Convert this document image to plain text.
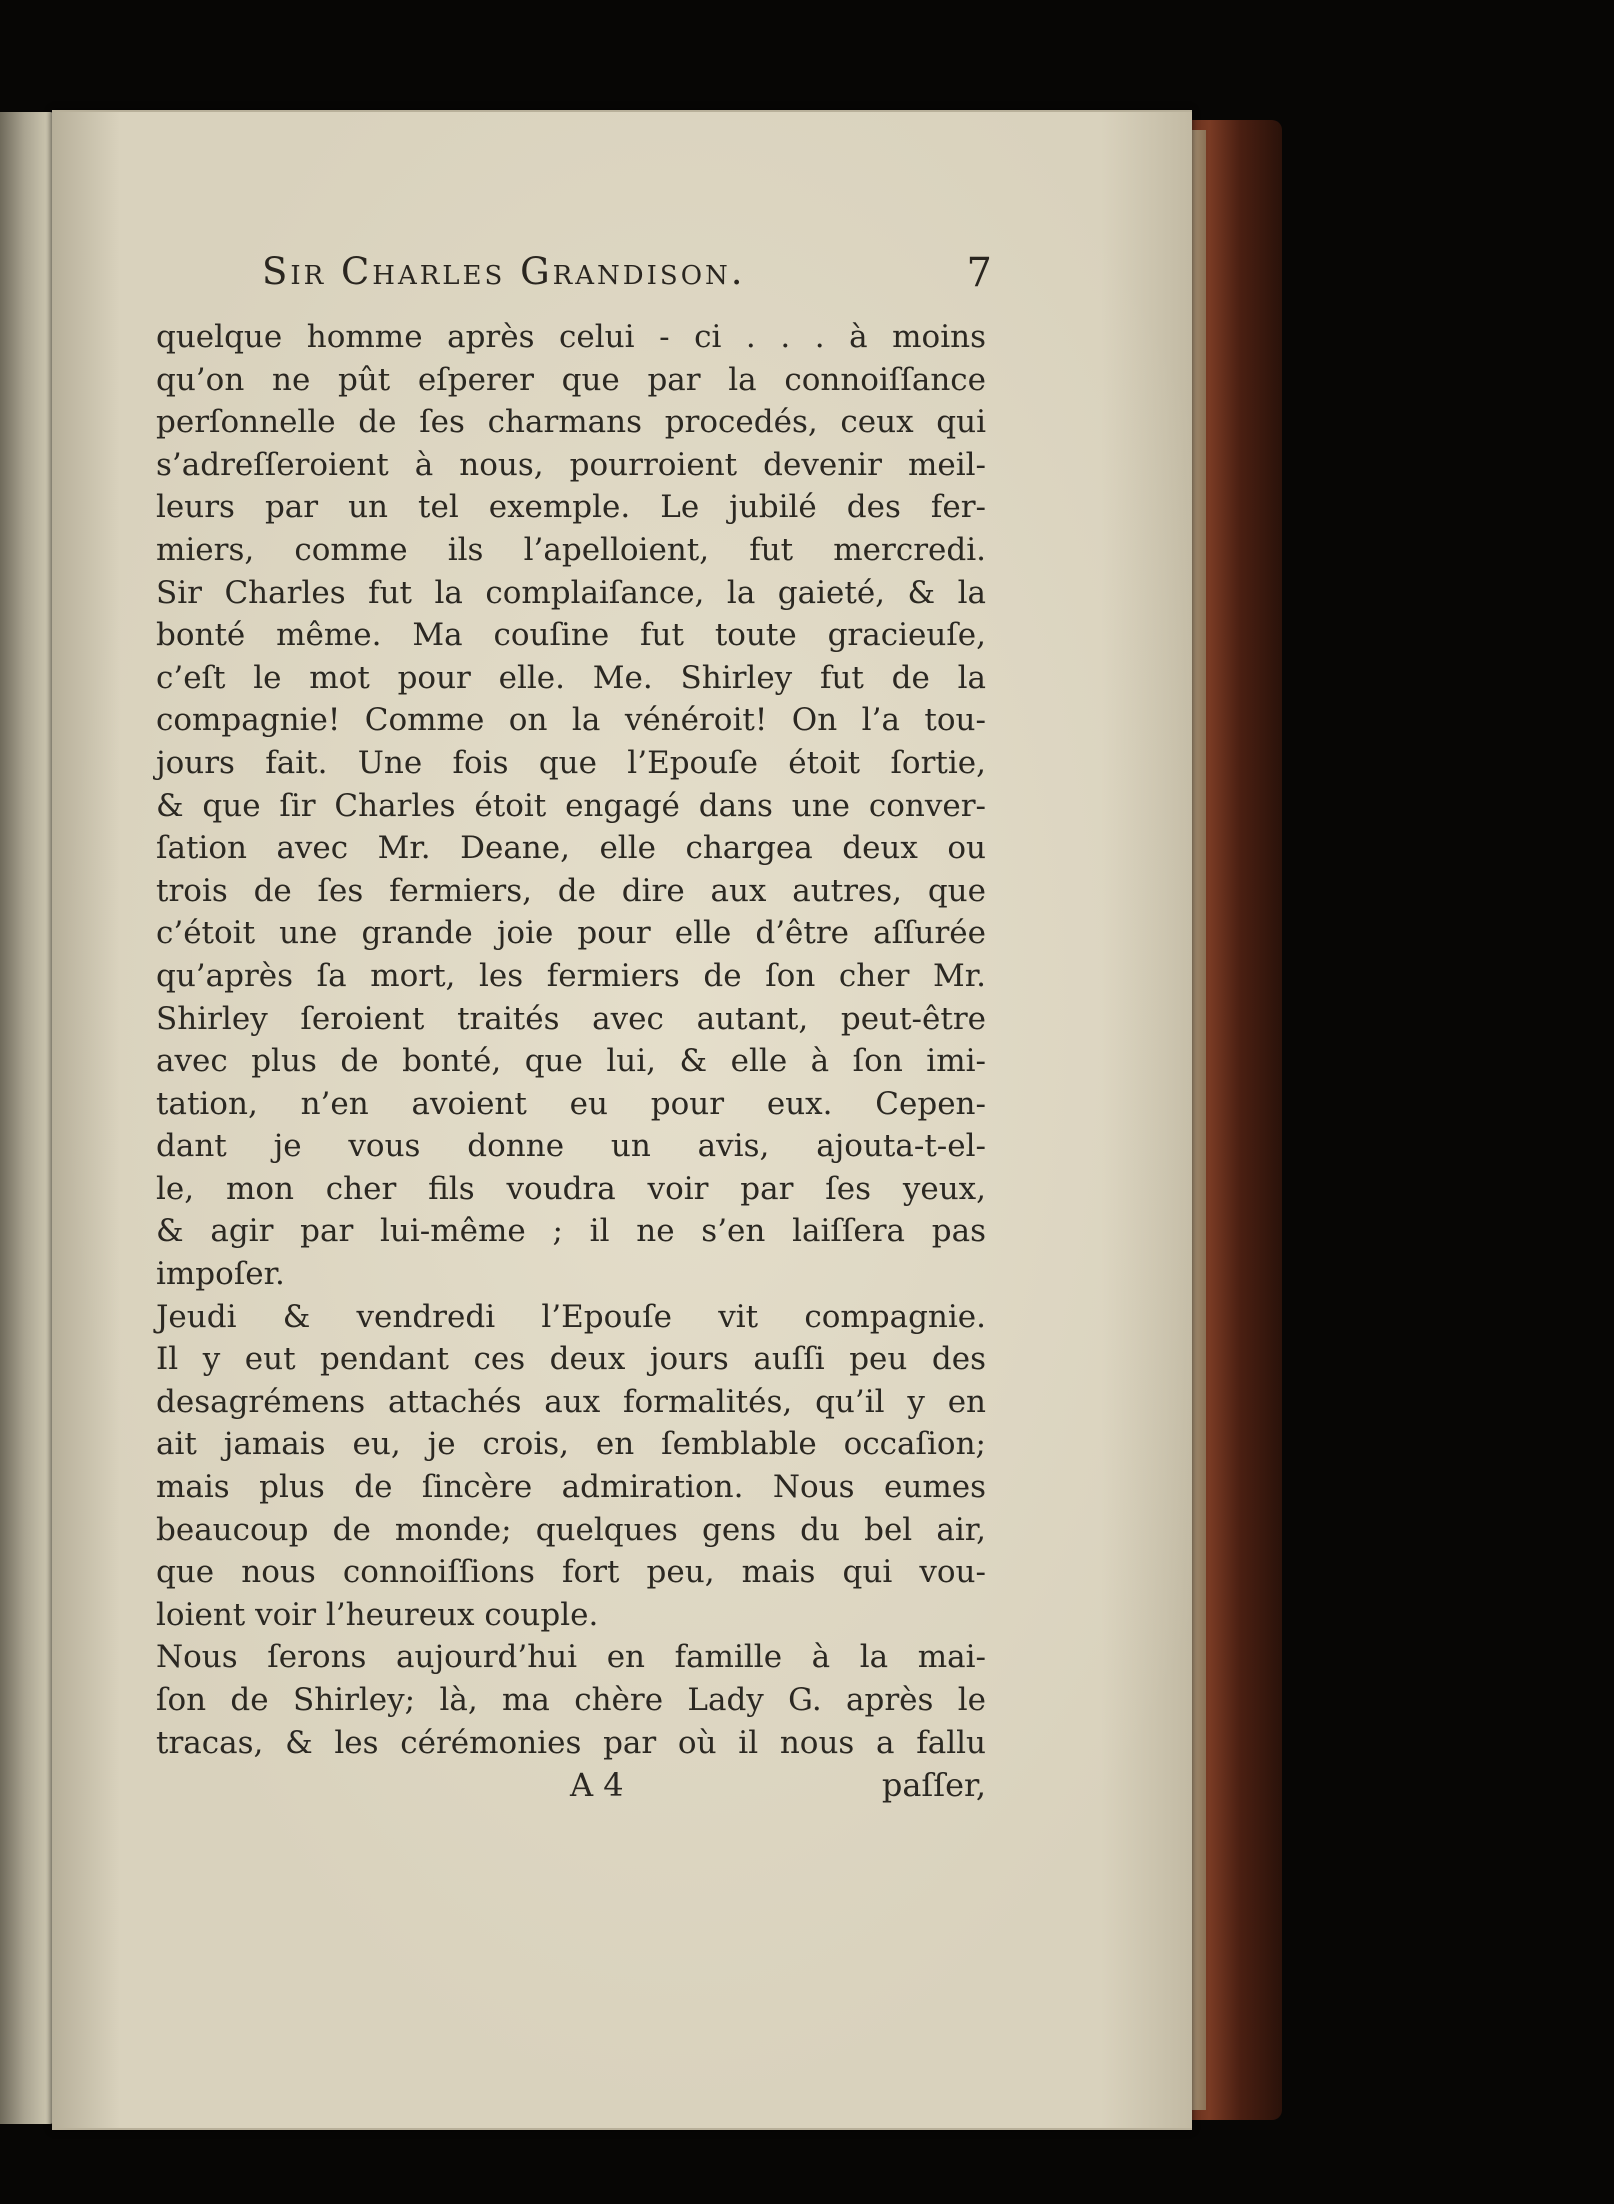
Sir Charles Grandison.	7
quelque homme après celui - ci . . . à moins
qu’on ne pût eſperer que par la connoiſſance
perſonnelle de ſes charmans procedés, ceux qui
s’adreſſeroient à nous, pourroient devenir meil-
leurs par un tel exemple. Le jubilé des fer-
miers, comme ils l’apelloient, fut mercredi.
Sir Charles fut la complaiſance, la gaieté, & la
bonté même. Ma couſine fut toute gracieuſe,
c’eſt le mot pour elle. Me. Shirley fut de la
compagnie! Comme on la vénéroit! On l’a tou-
jours fait. Une fois que l’Epouſe étoit ſortie,
& que ſir Charles étoit engagé dans une conver-
ſation avec Mr. Deane, elle chargea deux ou
trois de ſes fermiers, de dire aux autres, que
c’étoit une grande joie pour elle d’être aſſurée
qu’après ſa mort, les fermiers de ſon cher Mr.
Shirley ſeroient traités avec autant, peut-être
avec plus de bonté, que lui, & elle à ſon imi-
tation, n’en avoient eu pour eux. Cepen-
dant je vous donne un avis, ajouta-t-el-
le, mon cher fils voudra voir par ſes yeux,
& agir par lui-même ; il ne s’en laiſſera pas
impoſer.
Jeudi & vendredi l’Epouſe vit compagnie.
Il y eut pendant ces deux jours auſſi peu des
desagrémens attachés aux formalités, qu’il y en
ait jamais eu, je crois, en ſemblable occaſion;
mais plus de ſincère admiration. Nous eumes
beaucoup de monde; quelques gens du bel air,
que nous connoiſſions fort peu, mais qui vou-
loient voir l’heureux couple.
Nous ſerons aujourd’hui en famille à la mai-
ſon de Shirley; là, ma chère Lady G. après le
tracas, & les cérémonies par où il nous a fallu
A 4	paſſer,
